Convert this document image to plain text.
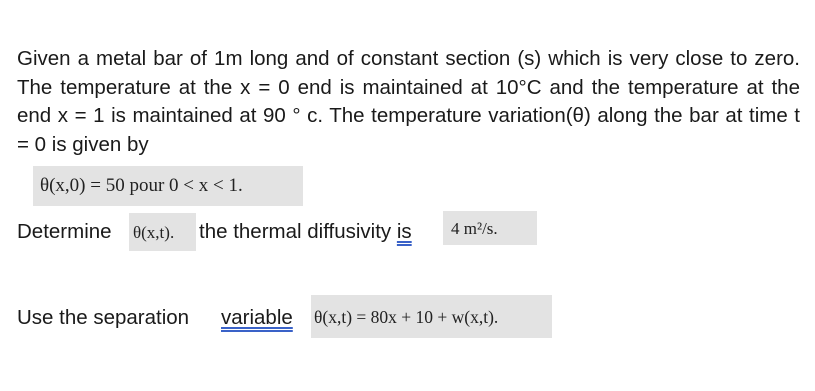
Given a metal bar of 1m long and of constant section (s) which is very close to zero. The temperature at the x = 0 end is maintained at 10°C and the temperature at the end x = 1 is maintained at 90 ° c. The temperature variation(θ) along the bar at time t = 0 is given by

θ(x,0) = 50 pour 0 < x < 1.
Determine θ(x,t).	the thermal diffusivity is	4 m²/s.
Use the separation variable θ(x,t) = 80x + 10 + w(x,t).
